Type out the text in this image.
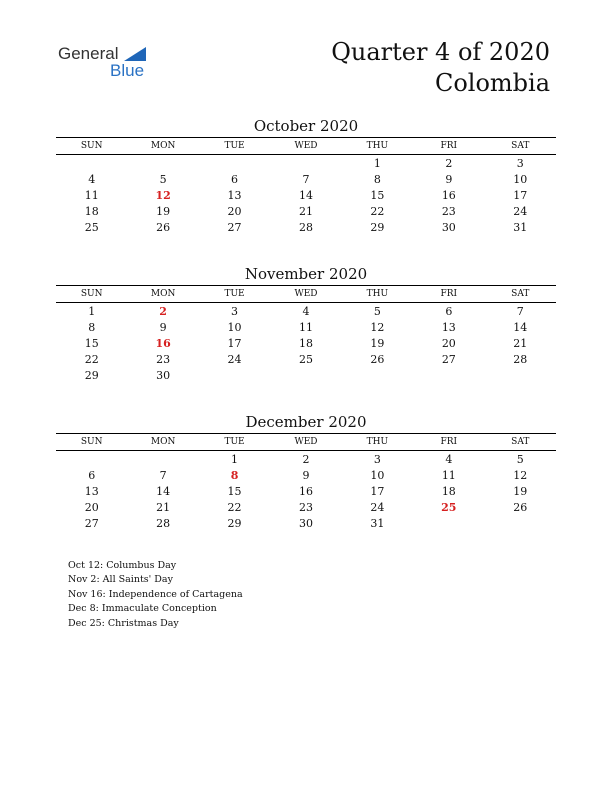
General
Blue
Quarter 4 of 2020
Colombia
October 2020
SUN	MON	TUE	WED	THU	FRI	SAT
				1	2	3
4	5	6	7	8	9	10
11	12	13	14	15	16	17
18	19	20	21	22	23	24
25	26	27	28	29	30	31
November 2020
SUN	MON	TUE	WED	THU	FRI	SAT
1	2	3	4	5	6	7
8	9	10	11	12	13	14
15	16	17	18	19	20	21
22	23	24	25	26	27	28
29	30					
December 2020
SUN	MON	TUE	WED	THU	FRI	SAT
		1	2	3	4	5
6	7	8	9	10	11	12
13	14	15	16	17	18	19
20	21	22	23	24	25	26
27	28	29	30	31		
Oct 12: Columbus Day
Nov 2: All Saints' Day
Nov 16: Independence of Cartagena
Dec 8: Immaculate Conception
Dec 25: Christmas Day
